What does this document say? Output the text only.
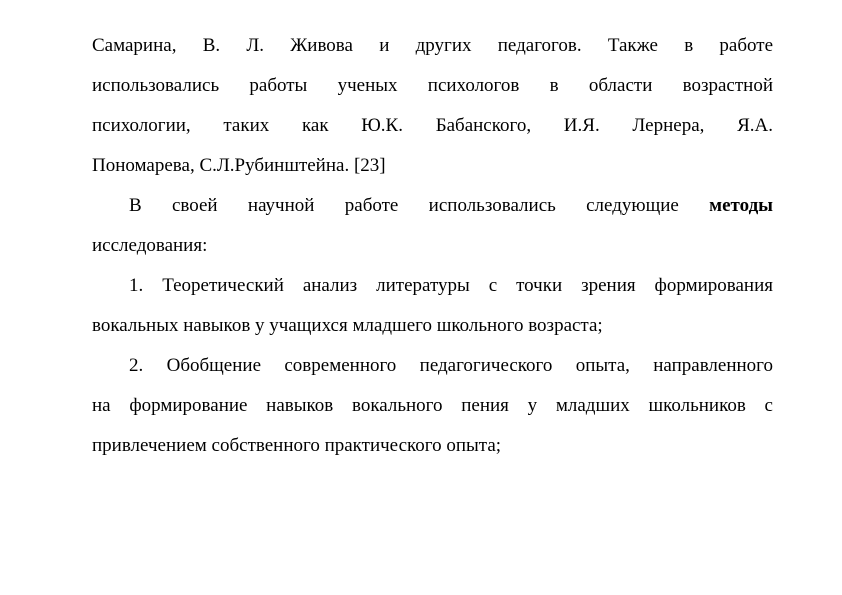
Самарина, В. Л. Живова и других педагогов. Также в работе
использовались работы ученых психологов в области возрастной
психологии, таких как Ю.К. Бабанского, И.Я. Лернера, Я.А.
Пономарева, С.Л.Рубинштейна. [23]
В своей научной работе использовались следующие методы
исследования:
1. Теоретический анализ литературы с точки зрения формирования
вокальных навыков у учащихся младшего школьного возраста;
2. Обобщение современного педагогического опыта, направленного
на формирование навыков вокального пения у младших школьников с
привлечением собственного практического опыта;
